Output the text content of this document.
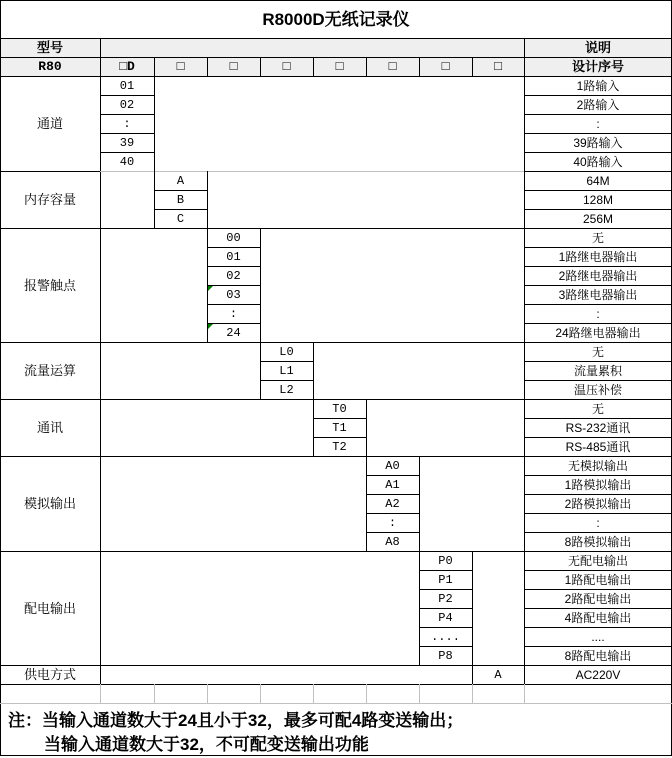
R8000D无纸记录仪
型号	说明
R80	□D	□	□	□	□	□	□	□	设计序号
注：当输入通道数大于24且小于32，最多可配4路变送输出；
当输入通道数大于32，不可配变送输出功能
通道
01	1路输入
02	2路输入
:	:
39	39路输入
40	40路输入
内存容量
A	64M
B	128M
C	256M
报警触点
00	无
01	1路继电器输出
02	2路继电器输出
03	3路继电器输出
:	:
24	24路继电器输出
流量运算
L0	无
L1	流量累积
L2	温压补偿
通讯
T0	无
T1	RS-232通讯
T2	RS-485通讯
模拟输出
A0	无模拟输出
A1	1路模拟输出
A2	2路模拟输出
:	:
A8	8路模拟输出
配电输出
P0	无配电输出
P1	1路配电输出
P2	2路配电输出
P4	4路配电输出
....	....
P8	8路配电输出
供电方式	A	AC220V
